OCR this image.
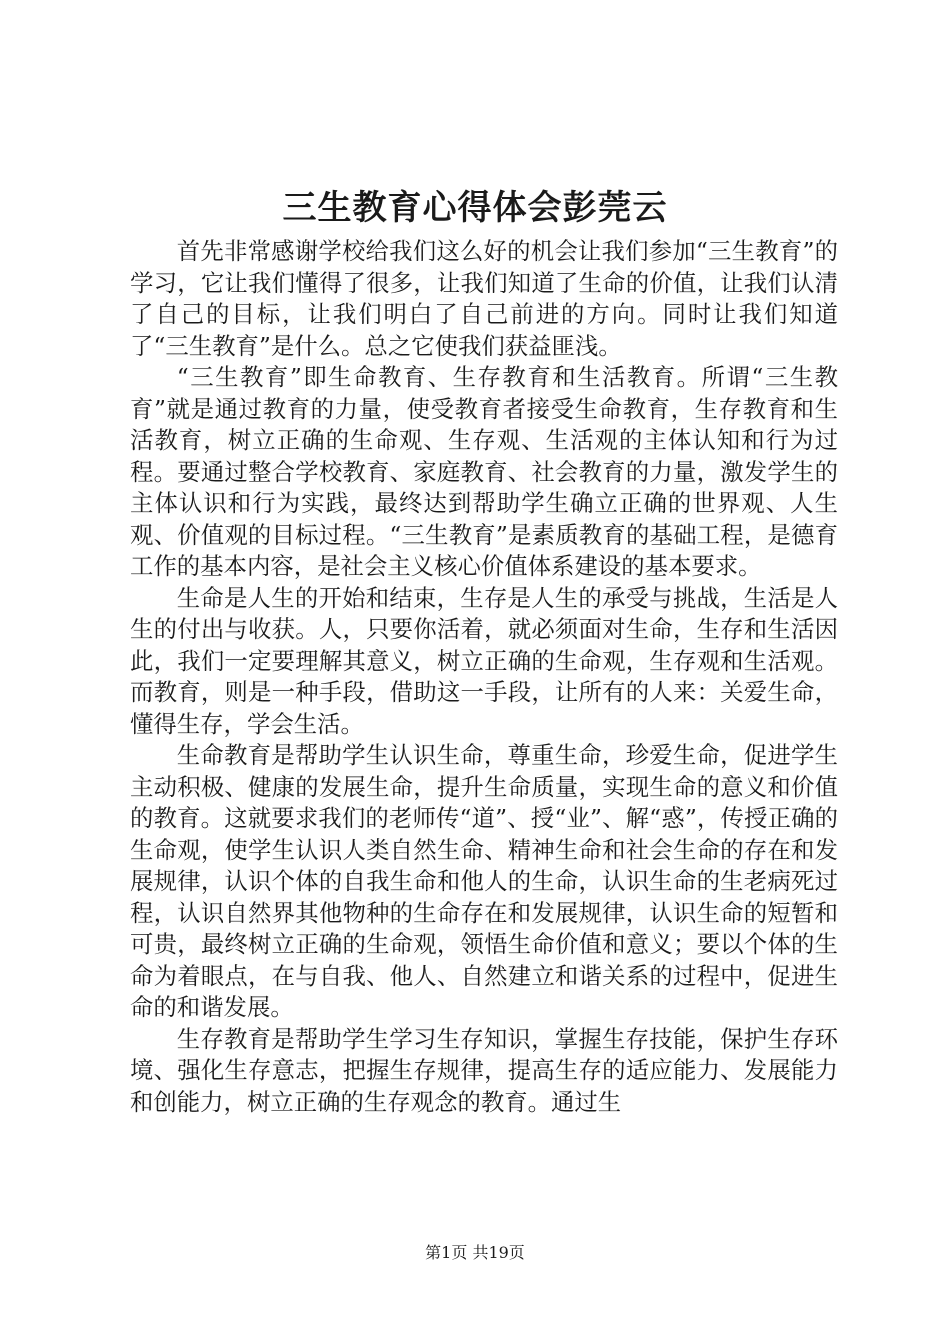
三生教育心得体会彭莞云

首先非常感谢学校给我们这么好的机会让我们参加“三生教育”的学习，它让我们懂得了很多，让我们知道了生命的价值，让我们认清了自己的目标，让我们明白了自己前进的方向。同时让我们知道了“三生教育”是什么。总之它使我们获益匪浅。

“三生教育”即生命教育、生存教育和生活教育。所谓“三生教育”就是通过教育的力量，使受教育者接受生命教育，生存教育和生活教育，树立正确的生命观、生存观、生活观的主体认知和行为过程。要通过整合学校教育、家庭教育、社会教育的力量，激发学生的主体认识和行为实践，最终达到帮助学生确立正确的世界观、人生观、价值观的目标过程。“三生教育”是素质教育的基础工程，是德育工作的基本内容，是社会主义核心价值体系建设的基本要求。

生命是人生的开始和结束，生存是人生的承受与挑战，生活是人生的付出与收获。人，只要你活着，就必须面对生命，生存和生活因此，我们一定要理解其意义，树立正确的生命观，生存观和生活观。而教育，则是一种手段，借助这一手段，让所有的人来：关爱生命，懂得生存，学会生活。

生命教育是帮助学生认识生命，尊重生命，珍爱生命，促进学生主动积极、健康的发展生命，提升生命质量，实现生命的意义和价值的教育。这就要求我们的老师传“道”、授“业”、解“惑”，传授正确的生命观，使学生认识人类自然生命、精神生命和社会生命的存在和发展规律，认识个体的自我生命和他人的生命，认识生命的生老病死过程，认识自然界其他物种的生命存在和发展规律，认识生命的短暂和可贵，最终树立正确的生命观，领悟生命价值和意义；要以个体的生命为着眼点，在与自我、他人、自然建立和谐关系的过程中，促进生命的和谐发展。

生存教育是帮助学生学习生存知识，掌握生存技能，保护生存环境、强化生存意志，把握生存规律，提高生存的适应能力、发展能力和创能力，树立正确的生存观念的教育。通过生

第1页 共19页
